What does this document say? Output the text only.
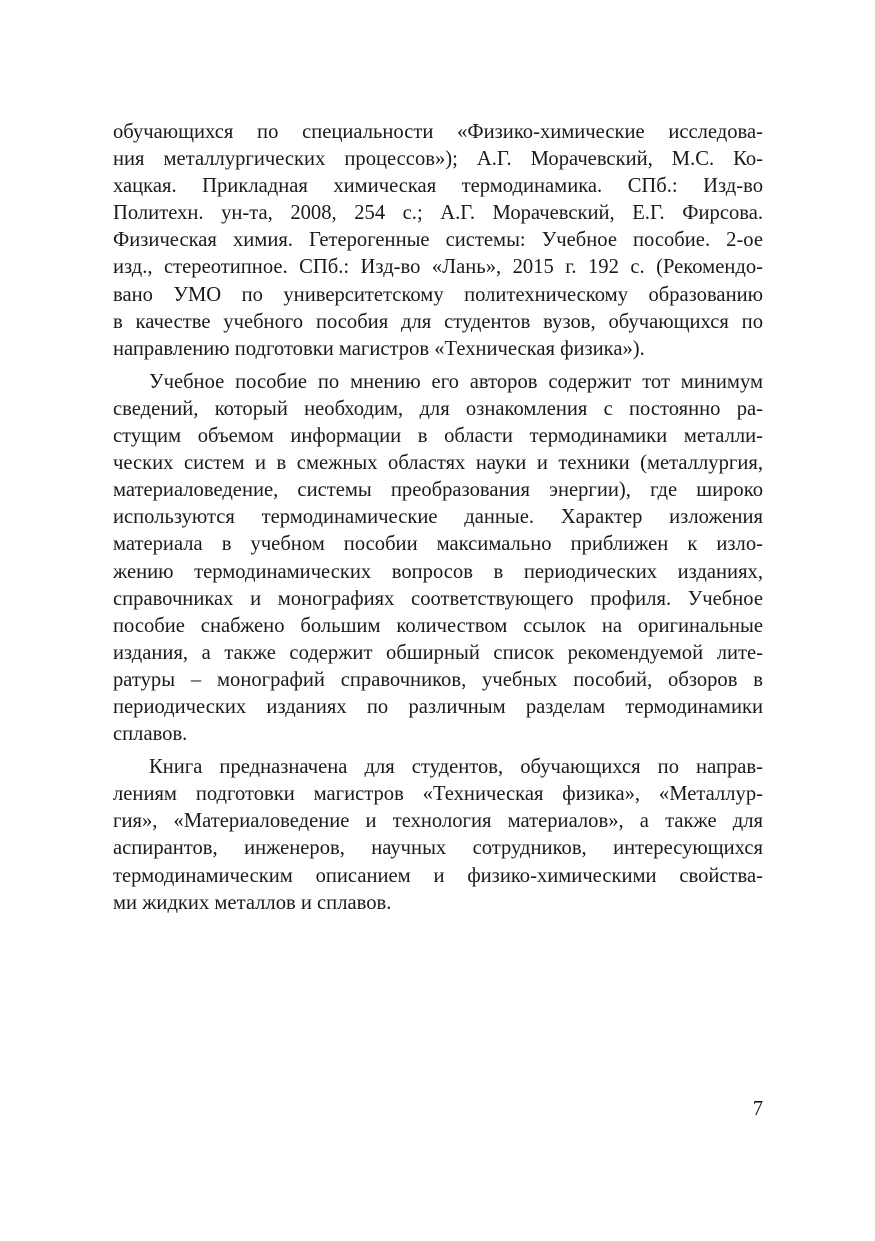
обучающихся по специальности «Физико-химические исследова-
ния металлургических процессов»); А.Г. Морачевский, М.С. Ко-
хацкая. Прикладная химическая термодинамика. СПб.: Изд-во
Политехн. ун-та, 2008, 254 с.; А.Г. Морачевский, Е.Г. Фирсова.
Физическая химия. Гетерогенные системы: Учебное пособие. 2-ое
изд., стереотипное. СПб.: Изд-во «Лань», 2015 г. 192 с. (Рекомендо-
вано УМО по университетскому политехническому образованию
в качестве учебного пособия для студентов вузов, обучающихся по
направлению подготовки магистров «Техническая физика»).
Учебное пособие по мнению его авторов содержит тот минимум
сведений, который необходим, для ознакомления с постоянно ра-
стущим объемом информации в области термодинамики металли-
ческих систем и в смежных областях науки и техники (металлургия,
материаловедение, системы преобразования энергии), где широко
используются термодинамические данные. Характер изложения
материала в учебном пособии максимально приближен к изло-
жению термодинамических вопросов в периодических изданиях,
справочниках и монографиях соответствующего профиля. Учебное
пособие снабжено большим количеством ссылок на оригинальные
издания, а также содержит обширный список рекомендуемой лите-
ратуры – монографий справочников, учебных пособий, обзоров в
периодических изданиях по различным разделам термодинамики
сплавов.
Книга предназначена для студентов, обучающихся по направ-
лениям подготовки магистров «Техническая физика», «Металлур-
гия», «Материаловедение и технология материалов», а также для
аспирантов, инженеров, научных сотрудников, интересующихся
термодинамическим описанием и физико-химическими свойства-
ми жидких металлов и сплавов.
7
